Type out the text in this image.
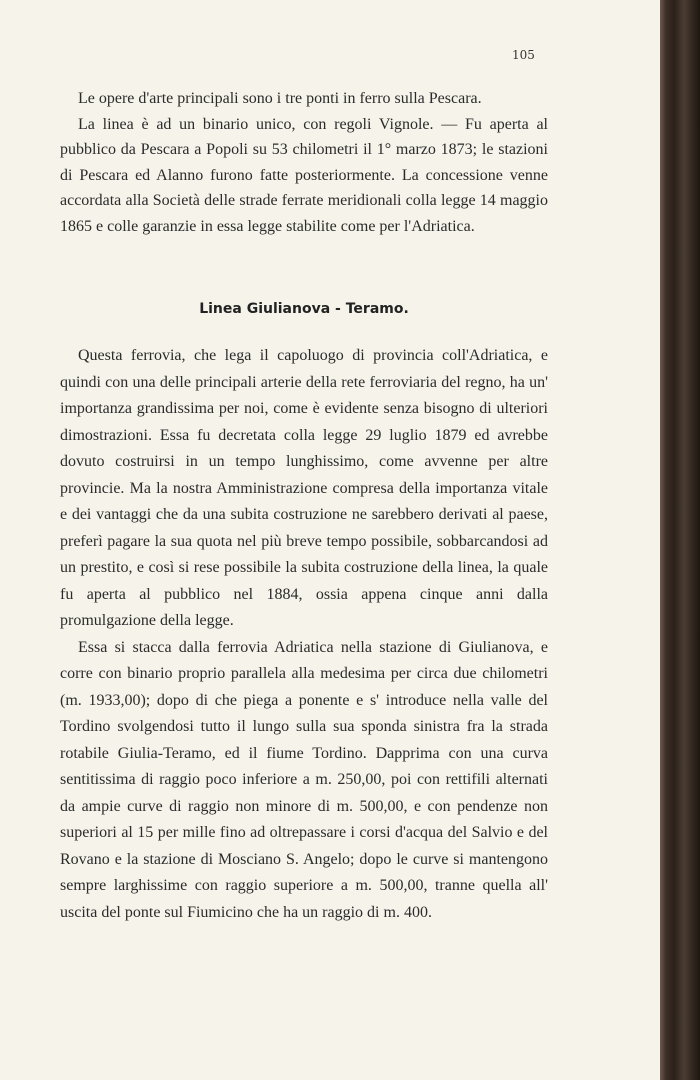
105

Le opere d'arte principali sono i tre ponti in ferro sulla Pescara.

La linea è ad un binario unico, con regoli Vignole. — Fu aperta al pubblico da Pescara a Popoli su 53 chilometri il 1° marzo 1873; le stazioni di Pescara ed Alanno furono fatte posteriormente. La concessione venne accordata alla Società delle strade ferrate meridionali colla legge 14 maggio 1865 e colle garanzie in essa legge stabilite come per l'Adriatica.

Linea Giulianova - Teramo.

Questa ferrovia, che lega il capoluogo di provincia coll'Adriatica, e quindi con una delle principali arterie della rete ferroviaria del regno, ha un' importanza grandissima per noi, come è evidente senza bisogno di ulteriori dimostrazioni. Essa fu decretata colla legge 29 luglio 1879 ed avrebbe dovuto costruirsi in un tempo lunghissimo, come avvenne per altre provincie. Ma la nostra Amministrazione compresa della importanza vitale e dei vantaggi che da una subita costruzione ne sarebbero derivati al paese, preferì pagare la sua quota nel più breve tempo possibile, sobbarcandosi ad un prestito, e così si rese possibile la subita costruzione della linea, la quale fu aperta al pubblico nel 1884, ossia appena cinque anni dalla promulgazione della legge.

Essa si stacca dalla ferrovia Adriatica nella stazione di Giulianova, e corre con binario proprio parallela alla medesima per circa due chilometri (m. 1933,00); dopo di che piega a ponente e s' introduce nella valle del Tordino svolgendosi tutto il lungo sulla sua sponda sinistra fra la strada rotabile Giulia-Teramo, ed il fiume Tordino. Dapprima con una curva sentitissima di raggio poco inferiore a m. 250,00, poi con rettifili alternati da ampie curve di raggio non minore di m. 500,00, e con pendenze non superiori al 15 per mille fino ad oltrepassare i corsi d'acqua del Salvio e del Rovano e la stazione di Mosciano S. Angelo; dopo le curve si mantengono sempre larghissime con raggio superiore a m. 500,00, tranne quella all' uscita del ponte sul Fiumicino che ha un raggio di m. 400.
